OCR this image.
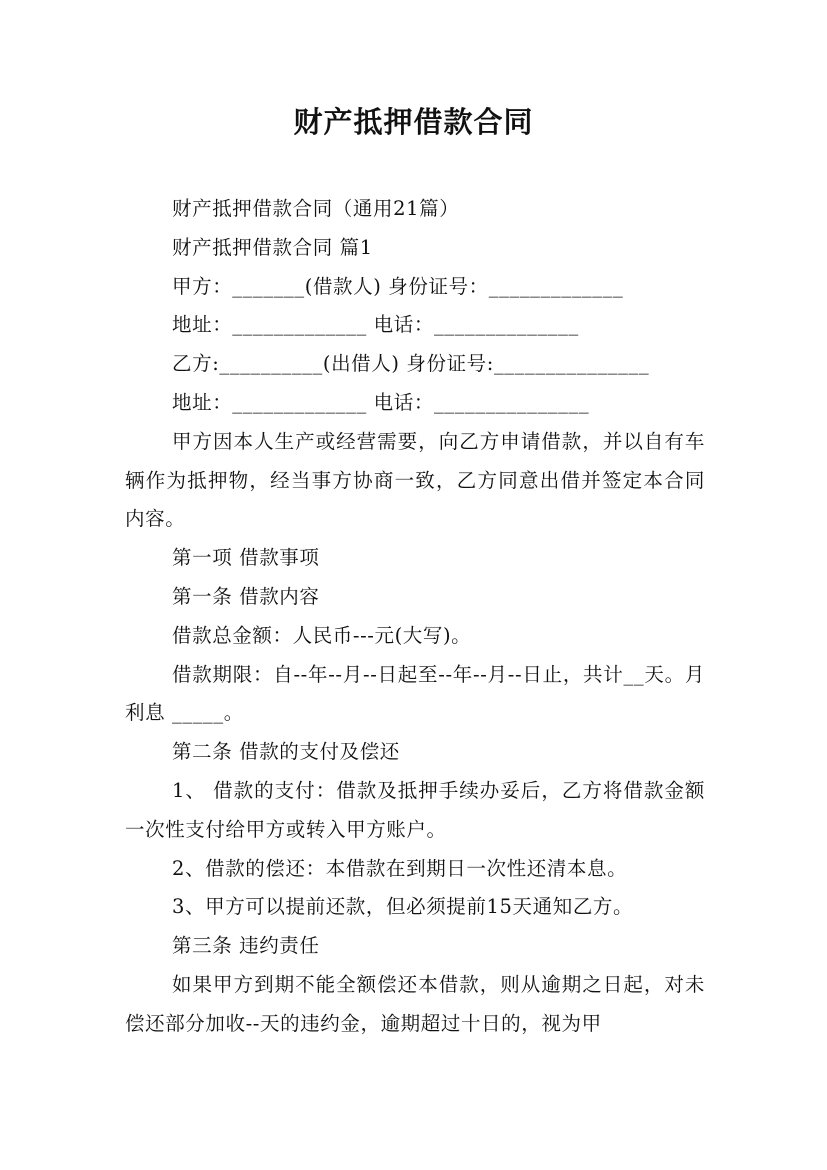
财产抵押借款合同

财产抵押借款合同（通用21篇）

财产抵押借款合同 篇1

甲方：_______(借款人) 身份证号：_____________

地址：_____________ 电话：______________

乙方:__________(出借人) 身份证号:_______________

地址：_____________ 电话：_______________

甲方因本人生产或经营需要，向乙方申请借款，并以自有车辆作为抵押物，经当事方协商一致，乙方同意出借并签定本合同内容。

第一项 借款事项

第一条 借款内容

借款总金额：人民币---元(大写)。

借款期限：自--年--月--日起至--年--月--日止，共计__天。月利息 _____。

第二条 借款的支付及偿还

1、 借款的支付：借款及抵押手续办妥后，乙方将借款金额一次性支付给甲方或转入甲方账户。

2、借款的偿还：本借款在到期日一次性还清本息。

3、甲方可以提前还款，但必须提前15天通知乙方。

第三条 违约责任

如果甲方到期不能全额偿还本借款，则从逾期之日起，对未偿还部分加收--天的违约金，逾期超过十日的，视为甲
